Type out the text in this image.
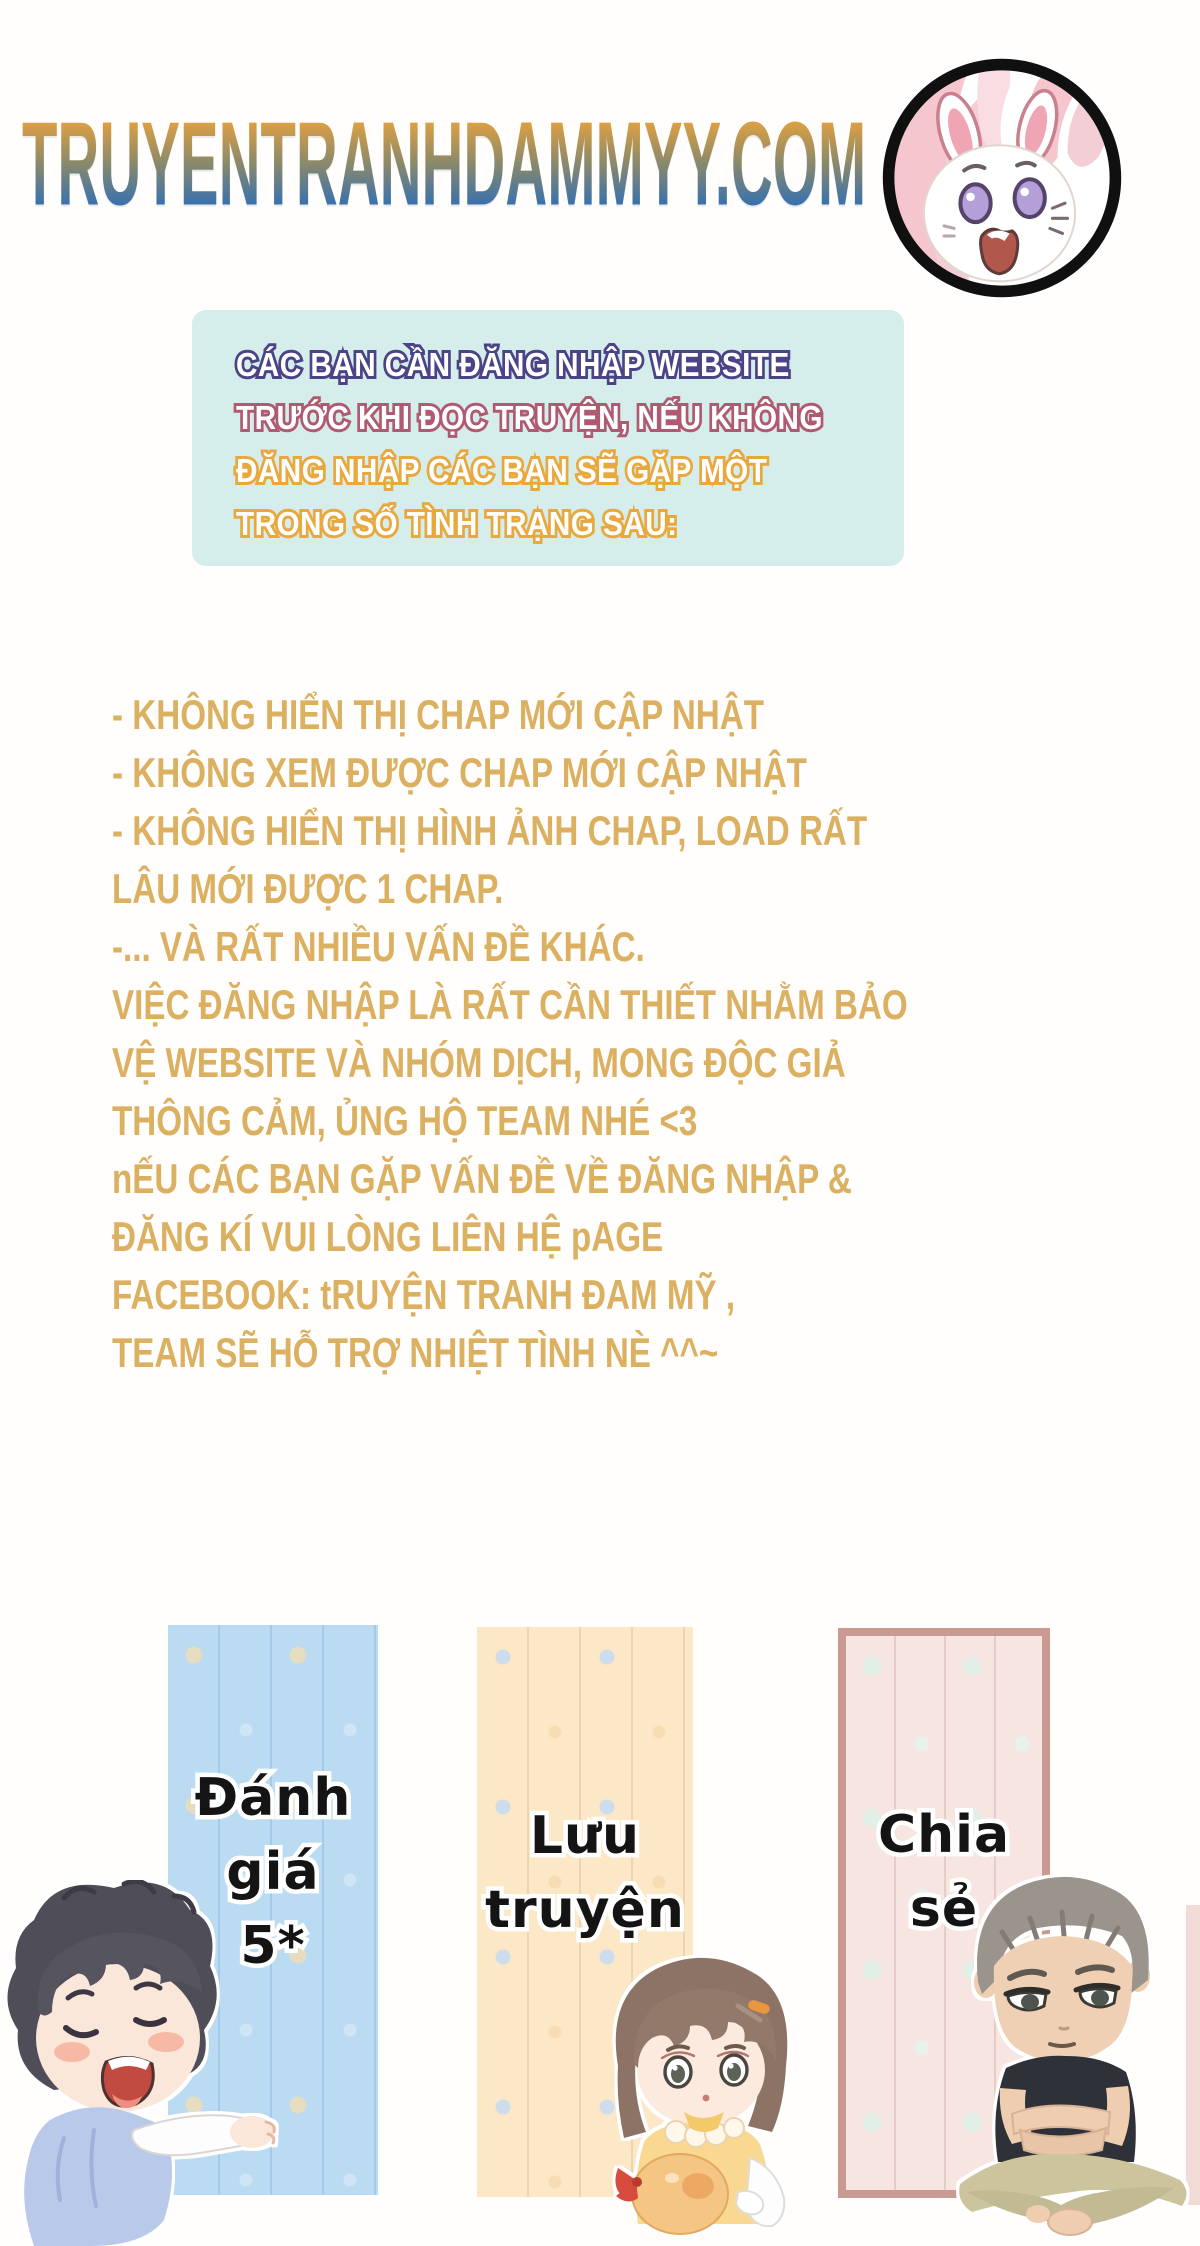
TRUYENTRANHDAMMYY.COM
CÁC BẠN CẦN ĐĂNG NHẬP WEBSITE
TRƯỚC KHI ĐỌC TRUYỆN, NẾU KHÔNG
ĐĂNG NHẬP CÁC BẠN SẼ GẶP MỘT
TRONG SỐ TÌNH TRẠNG SAU:
- KHÔNG HIỂN THỊ CHAP MỚI CẬP NHẬT
- KHÔNG XEM ĐƯỢC CHAP MỚI CẬP NHẬT
- KHÔNG HIỂN THỊ HÌNH ẢNH CHAP, LOAD RẤT
LÂU MỚI ĐƯỢC 1 CHAP.
-... VÀ RẤT NHIỀU VẤN ĐỀ KHÁC.
VIỆC ĐĂNG NHẬP LÀ RẤT CẦN THIẾT NHẰM BẢO
VỆ WEBSITE VÀ NHÓM DỊCH, MONG ĐỘC GIẢ
THÔNG CẢM, ỦNG HỘ TEAM NHÉ <3
nẾU CÁC BẠN GẶP VẤN ĐỀ VỀ ĐĂNG NHẬP &
ĐĂNG KÍ VUI LÒNG LIÊN HỆ pAGE
FACEBOOK: tRUYỆN TRANH ĐAM MỸ ,
TEAM SẼ HỖ TRỢ NHIỆT TÌNH NÈ ^^~
Đánh
giá
5*
Lưu
truyện
Chia
sẻ
